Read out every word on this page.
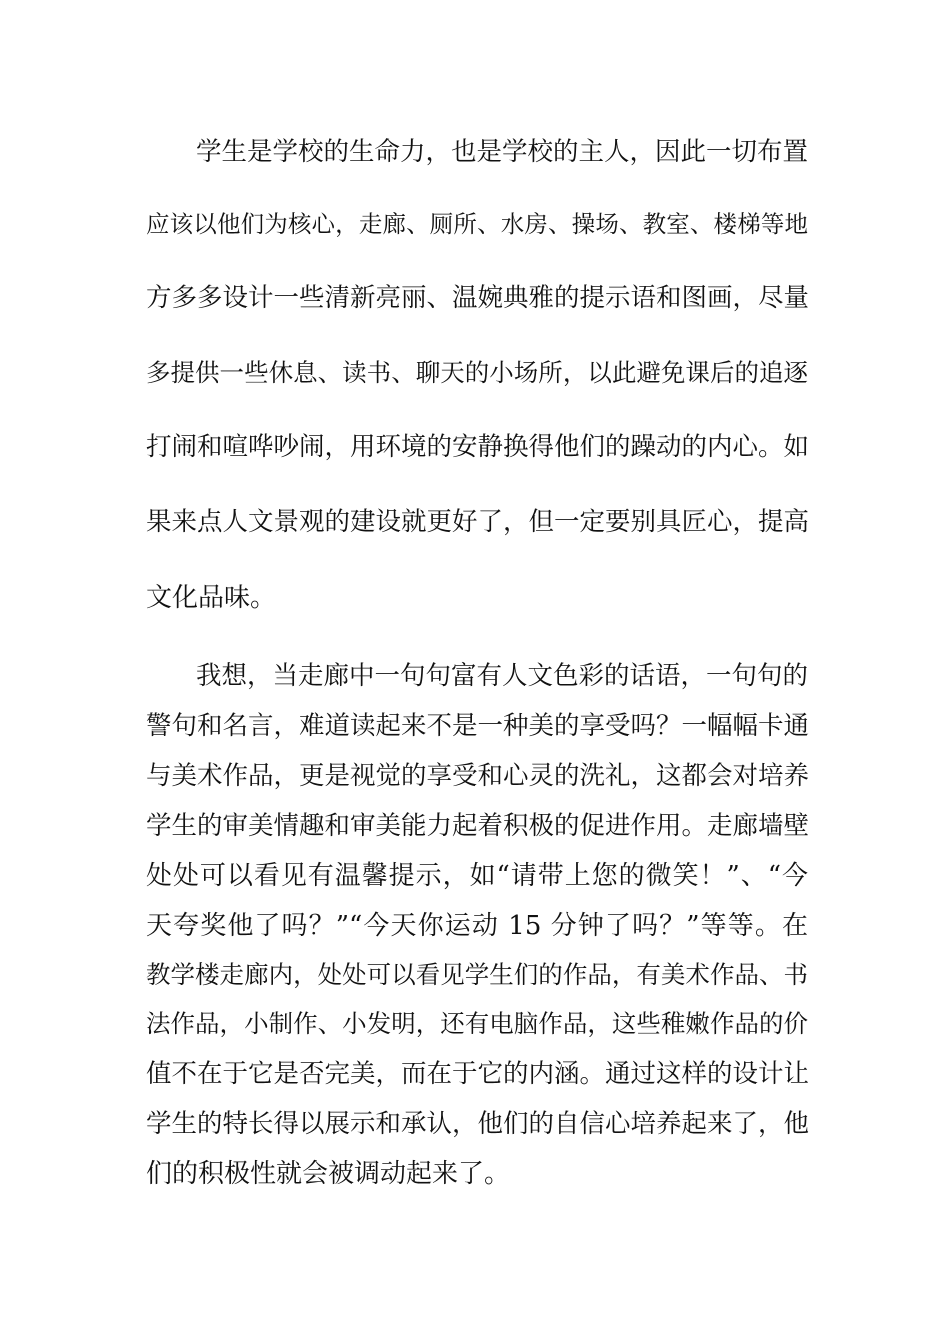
学生是学校的生命力，也是学校的主人，因此一切布置
应该以他们为核心，走廊、厕所、水房、操场、教室、楼梯等地
方多多设计一些清新亮丽、温婉典雅的提示语和图画，尽量
多提供一些休息、读书、聊天的小场所，以此避免课后的追逐
打闹和喧哗吵闹，用环境的安静换得他们的躁动的内心。如
果来点人文景观的建设就更好了，但一定要别具匠心，提高
文化品味。
我想，当走廊中一句句富有人文色彩的话语，一句句的
警句和名言，难道读起来不是一种美的享受吗？一幅幅卡通
与美术作品，更是视觉的享受和心灵的洗礼，这都会对培养
学生的审美情趣和审美能力起着积极的促进作用。走廊墙壁
处处可以看见有温馨提示，如“请带上您的微笑！”、“今
天夸奖他了吗？”“今天你运动 15 分钟了吗？”等等。在
教学楼走廊内，处处可以看见学生们的作品，有美术作品、书
法作品，小制作、小发明，还有电脑作品，这些稚嫩作品的价
值不在于它是否完美，而在于它的内涵。通过这样的设计让
学生的特长得以展示和承认，他们的自信心培养起来了，他
们的积极性就会被调动起来了。
